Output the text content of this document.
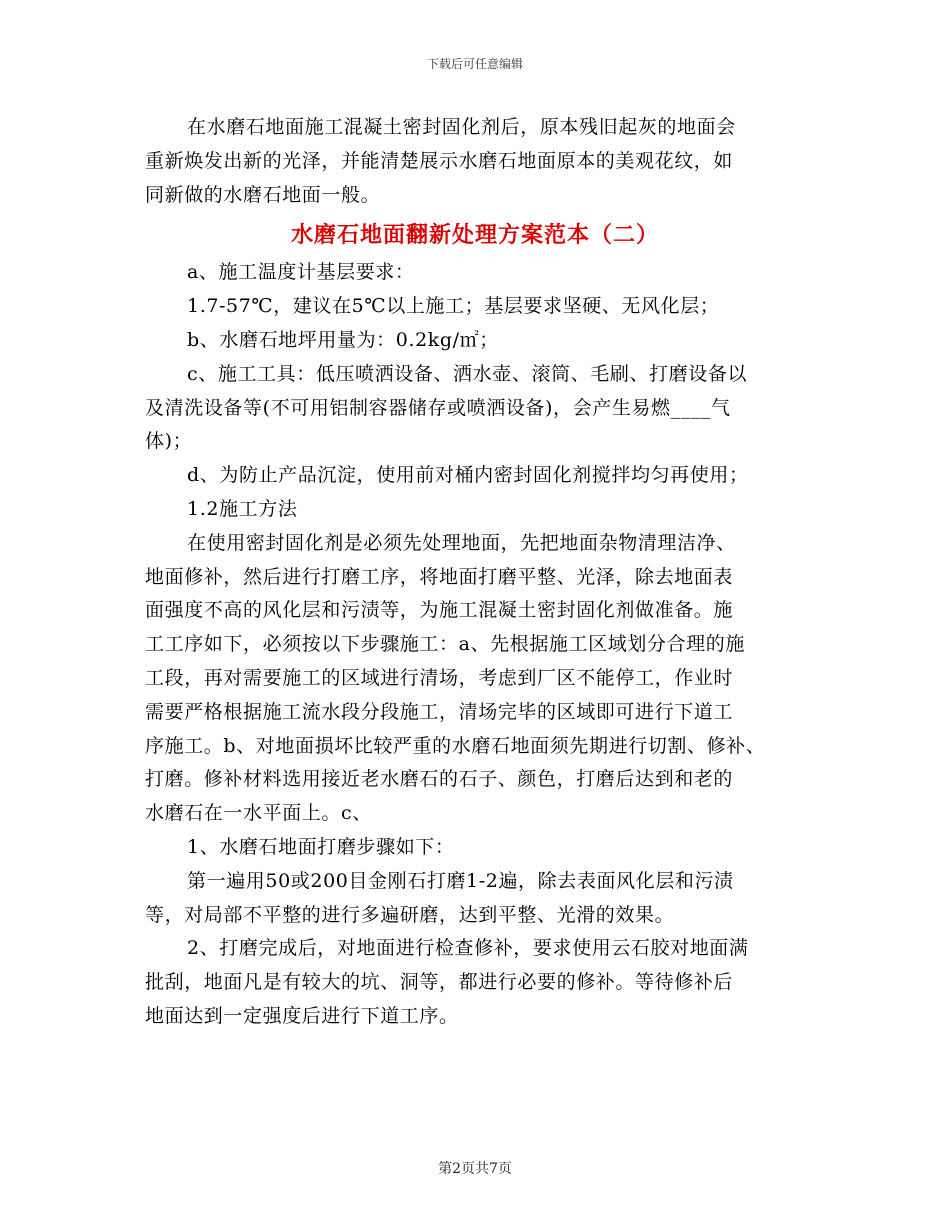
下载后可任意编辑

在水磨石地面施工混凝土密封固化剂后，原本残旧起灰的地面会

重新焕发出新的光泽，并能清楚展示水磨石地面原本的美观花纹，如

同新做的水磨石地面一般。

水磨石地面翻新处理方案范本（二）

a、施工温度计基层要求：

1.7-57℃，建议在5℃以上施工；基层要求坚硬、无风化层；

b、水磨石地坪用量为：0.2kg/㎡；

c、施工工具：低压喷洒设备、洒水壶、滚筒、毛刷、打磨设备以

及清洗设备等(不可用铝制容器储存或喷洒设备)，会产生易燃____气

体)；

d、为防止产品沉淀，使用前对桶内密封固化剂搅拌均匀再使用；

1.2施工方法

在使用密封固化剂是必须先处理地面，先把地面杂物清理洁净、

地面修补，然后进行打磨工序，将地面打磨平整、光泽，除去地面表

面强度不高的风化层和污渍等，为施工混凝土密封固化剂做准备。施

工工序如下，必须按以下步骤施工：a、先根据施工区域划分合理的施

工段，再对需要施工的区域进行清场，考虑到厂区不能停工，作业时

需要严格根据施工流水段分段施工，清场完毕的区域即可进行下道工

序施工。b、对地面损坏比较严重的水磨石地面须先期进行切割、修补、

打磨。修补材料选用接近老水磨石的石子、颜色，打磨后达到和老的

水磨石在一水平面上。c、

1、水磨石地面打磨步骤如下：

第一遍用50或200目金刚石打磨1-2遍，除去表面风化层和污渍

等，对局部不平整的进行多遍研磨，达到平整、光滑的效果。

2、打磨完成后，对地面进行检查修补，要求使用云石胶对地面满

批刮，地面凡是有较大的坑、洞等，都进行必要的修补。等待修补后

地面达到一定强度后进行下道工序。

第2页共7页
